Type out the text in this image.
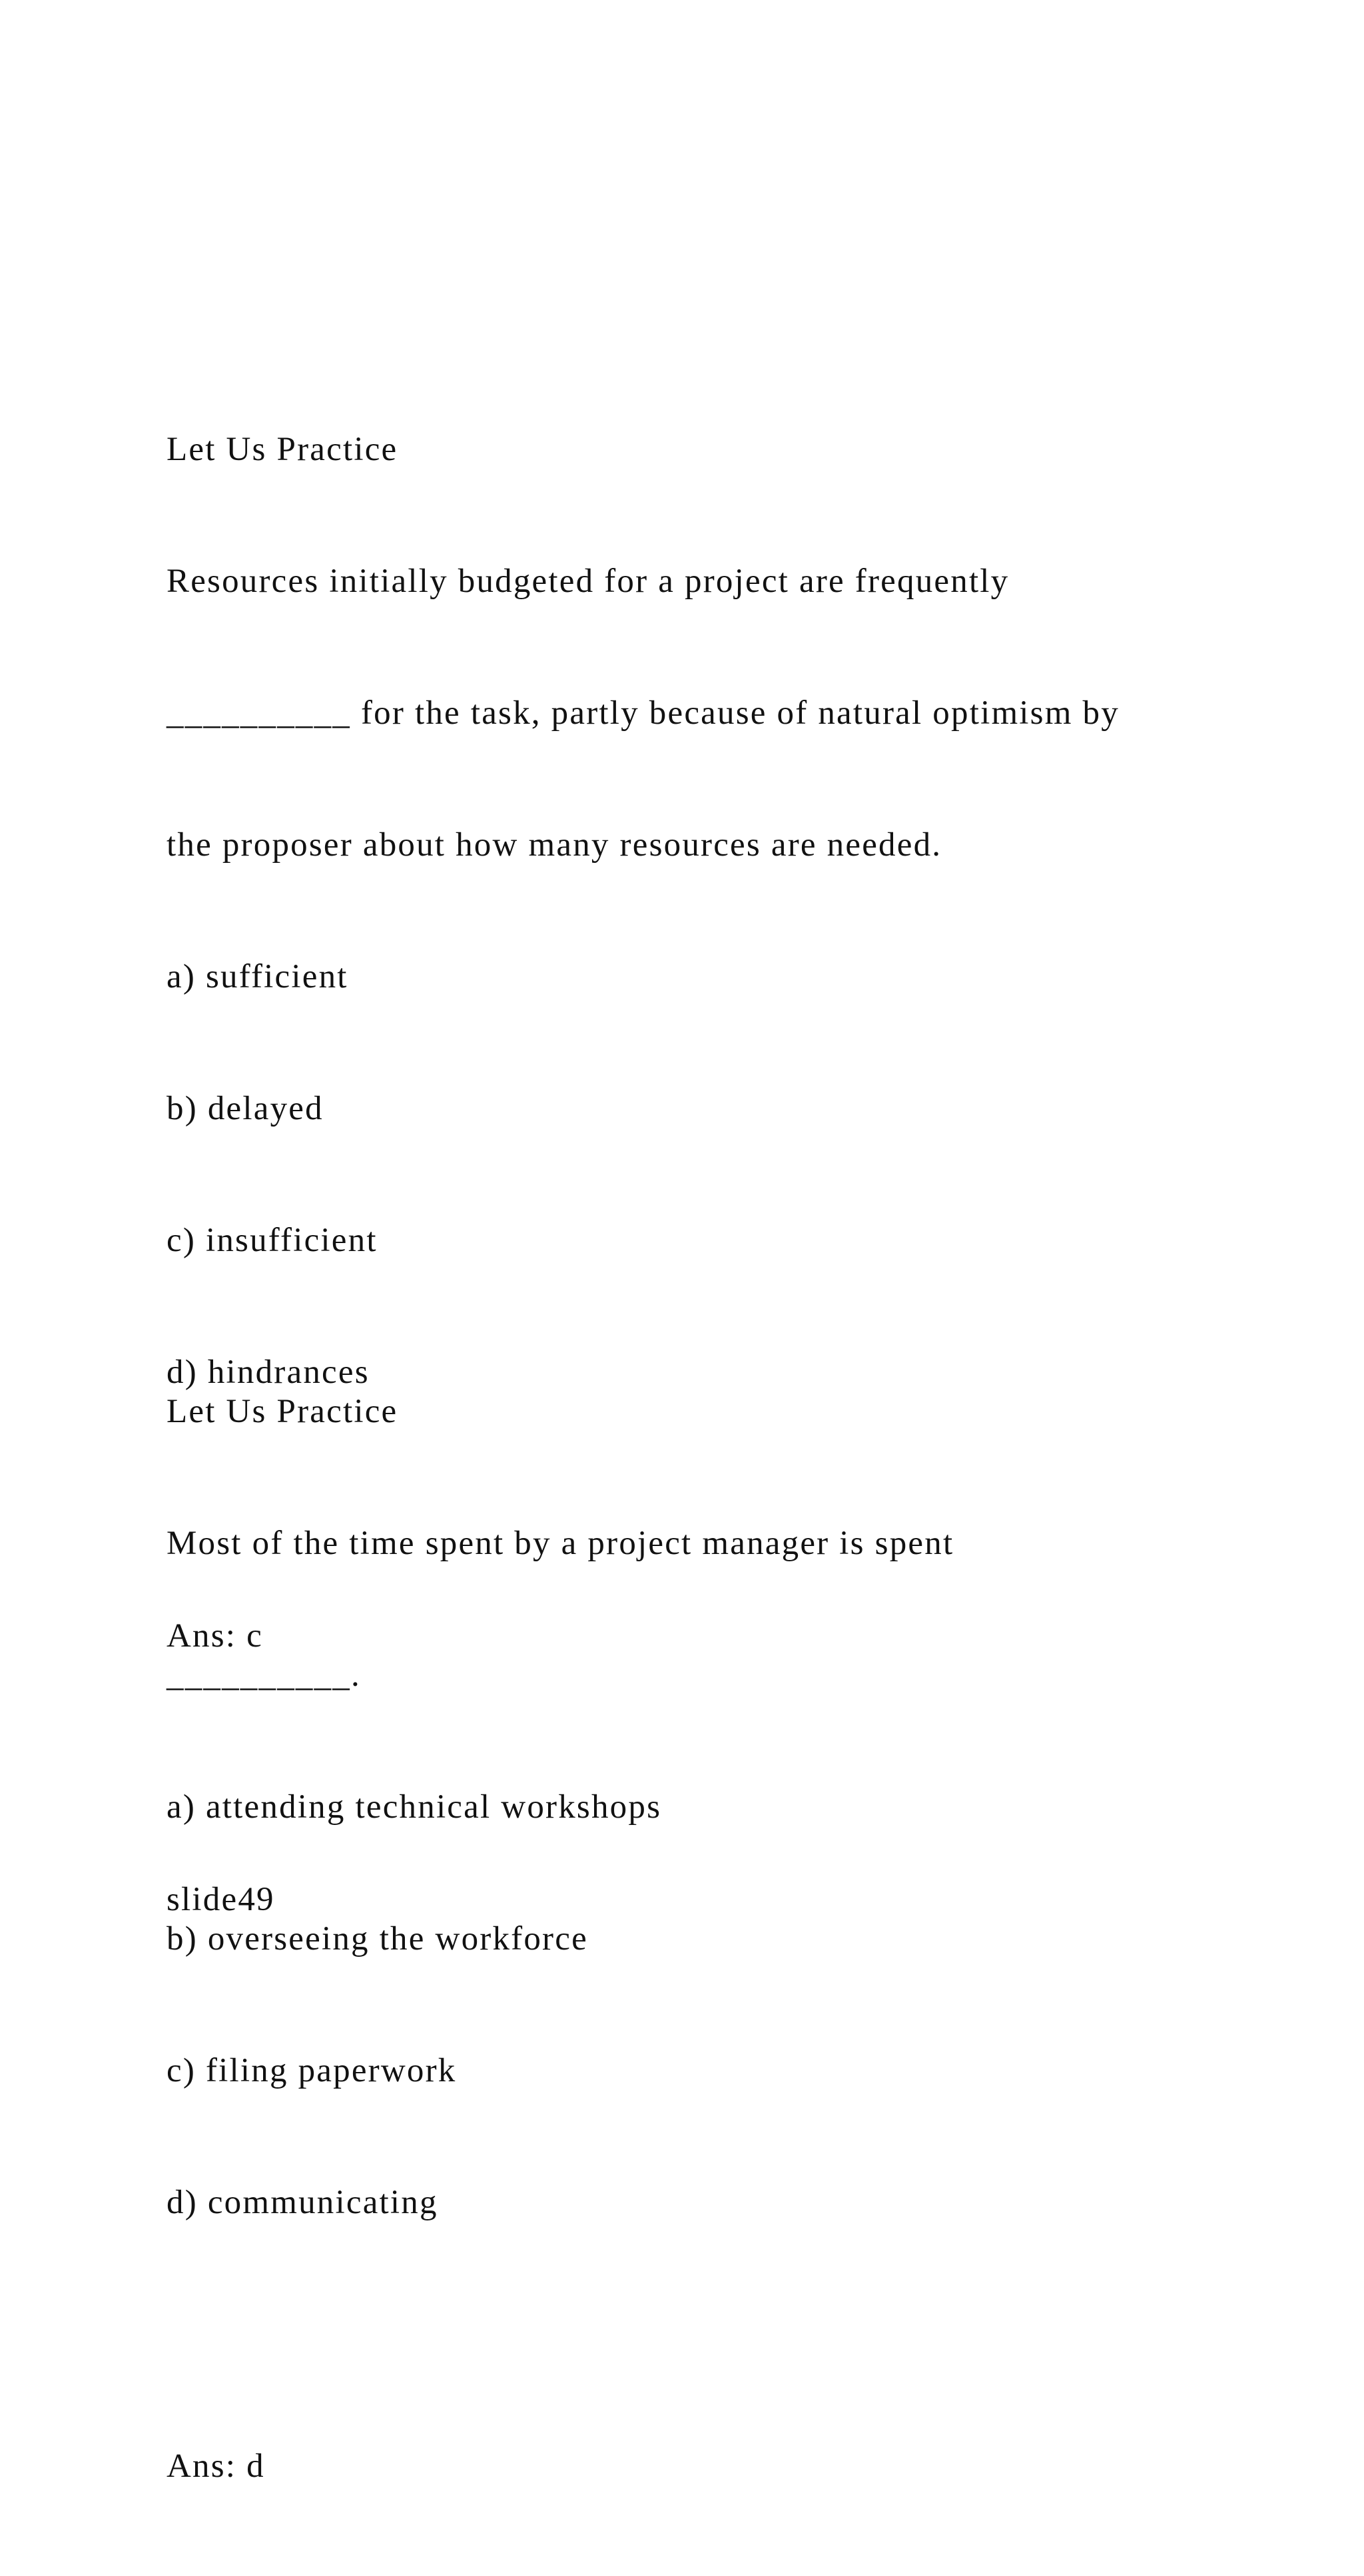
Let Us Practice

Resources initially budgeted for a project are frequently

__________ for the task, partly because of natural optimism by

the proposer about how many resources are needed.

a) sufficient

b) delayed

c) insufficient

d) hindrances

Ans: c

slide49

Let Us Practice

Most of the time spent by a project manager is spent

__________.

a) attending technical workshops

b) overseeing the workforce

c) filing paperwork

d) communicating

Ans: d
